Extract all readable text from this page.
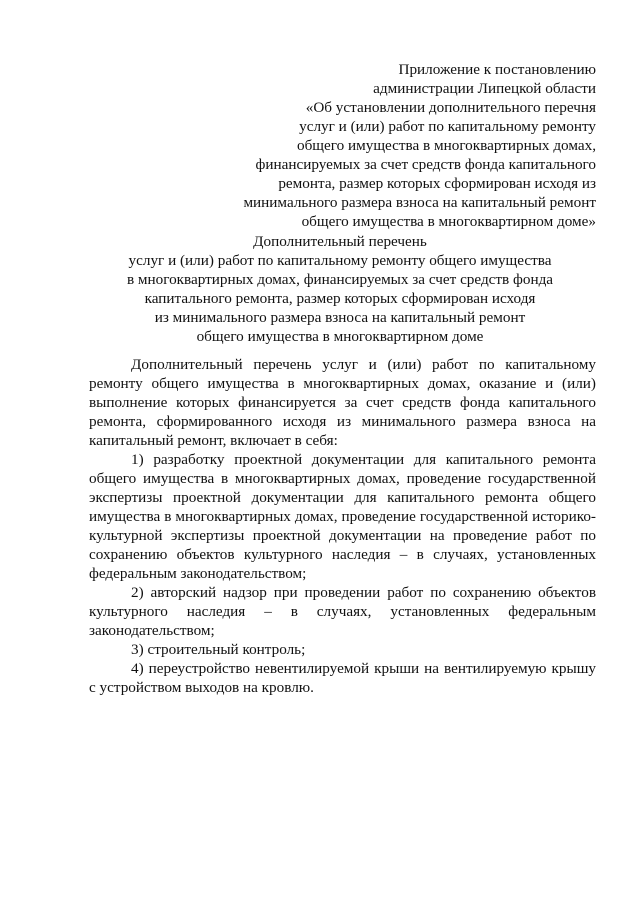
Приложение к постановлению
администрации Липецкой области
«Об установлении дополнительного перечня
услуг и (или) работ по капитальному ремонту
общего имущества в многоквартирных домах,
финансируемых за счет средств фонда капитального
ремонта, размер которых сформирован исходя из
минимального размера взноса на капитальный ремонт
общего имущества в многоквартирном доме»
Дополнительный перечень
услуг и (или) работ по капитальному ремонту общего имущества
в многоквартирных домах, финансируемых за счет средств фонда
капитального ремонта, размер которых сформирован исходя
из минимального размера взноса на капитальный ремонт
общего имущества в многоквартирном доме

Дополнительный перечень услуг и (или) работ по капитальному ремонту общего имущества в многоквартирных домах, оказание и (или) выполнение которых финансируется за счет средств фонда капитального ремонта, сформированного исходя из минимального размера взноса на капитальный ремонт, включает в себя:

1) разработку проектной документации для капитального ремонта общего имущества в многоквартирных домах, проведение государственной экспертизы проектной документации для капитального ремонта общего имущества в многоквартирных домах, проведение государственной историко-культурной экспертизы проектной документации на проведение работ по сохранению объектов культурного наследия – в случаях, установленных федеральным законодательством;

2) авторский надзор при проведении работ по сохранению объектов культурного наследия – в случаях, установленных федеральным законодательством;

3) строительный контроль;

4) переустройство невентилируемой крыши на вентилируемую крышу с устройством выходов на кровлю.
